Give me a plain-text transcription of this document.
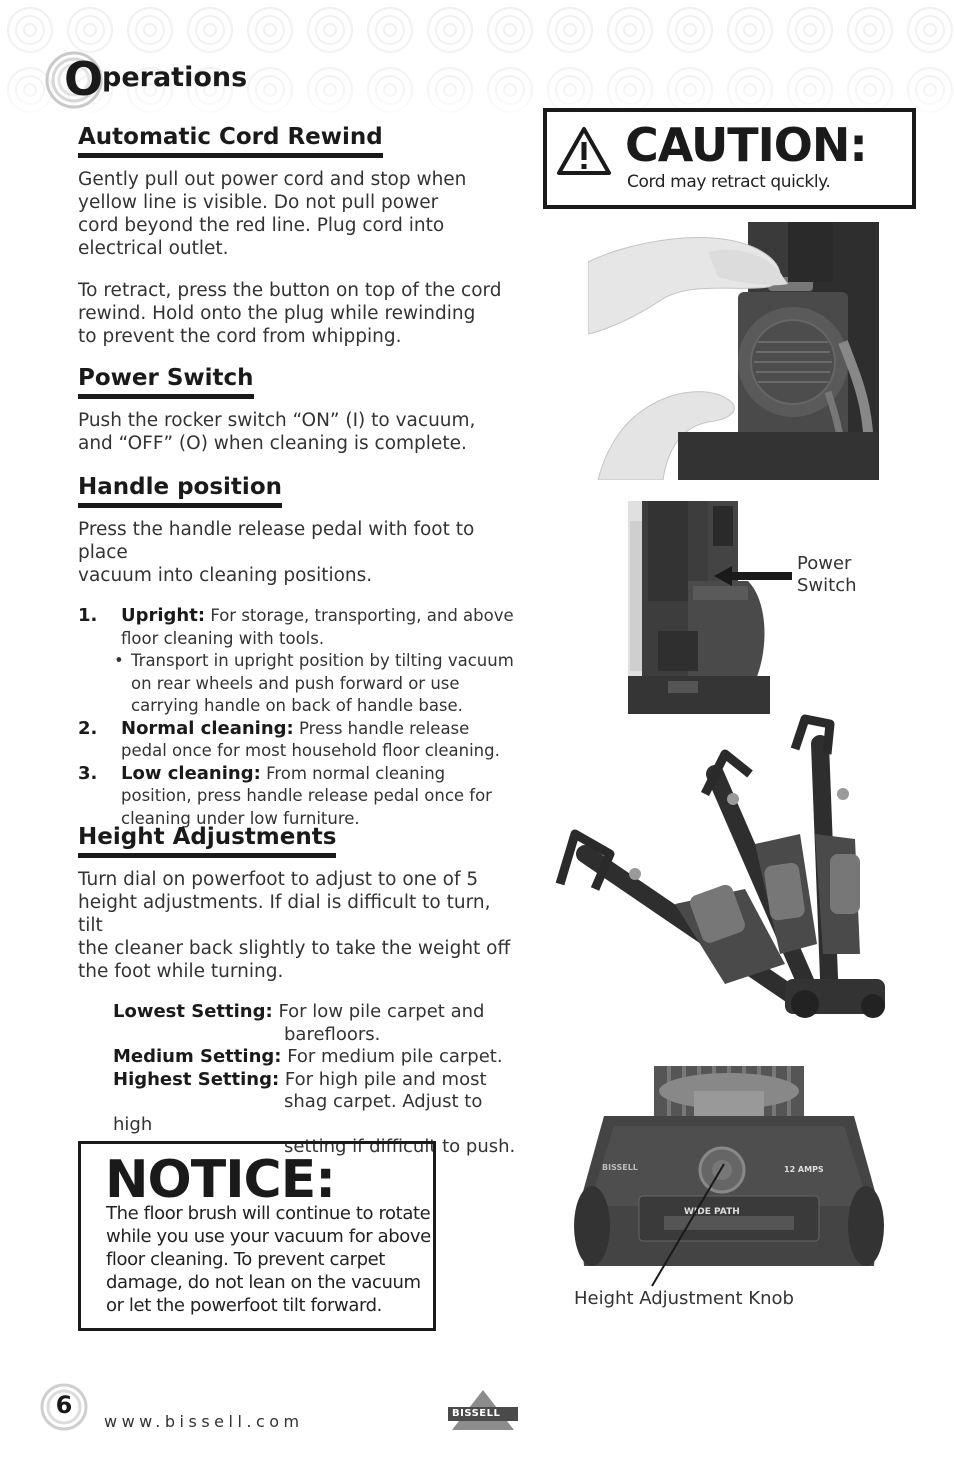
O
perations
Automatic Cord Rewind

Gently pull out power cord and stop when
yellow line is visible. Do not pull power
cord beyond the red line. Plug cord into
electrical outlet.

To retract, press the button on top of the cord
rewind. Hold onto the plug while rewinding
to prevent the cord from whipping.

Power Switch

Push the rocker switch “ON” (I) to vacuum,
and “OFF” (O) when cleaning is complete.

Handle position

Press the handle release pedal with foot to place
vacuum into cleaning positions.

1. Upright: For storage, transporting, and above
floor cleaning with tools.
• Transport in upright position by tilting vacuum
on rear wheels and push forward or use
carrying handle on back of handle base.
2. Normal cleaning: Press handle release
pedal once for most household floor cleaning.
3. Low cleaning: From normal cleaning
position, press handle release pedal once for
cleaning under low furniture.
Height Adjustments

Turn dial on powerfoot to adjust to one of 5
height adjustments. If dial is difficult to turn, tilt
the cleaner back slightly to take the weight off
the foot while turning.

Lowest Setting: For low pile carpet and
barefloors.
Medium Setting: For medium pile carpet.
Highest Setting: For high pile and most
shag carpet. Adjust to high
setting if difficult to push.
NOTICE:
The floor brush will continue to rotate
while you use your vacuum for above
floor cleaning. To prevent carpet
damage, do not lean on the vacuum
or let the powerfoot tilt forward.
CAUTION:
Cord may retract quickly.
Power
Switch
WIDE PATH
12 AMPS
BISSELL
Height Adjustment Knob
6
www.bissell.com	BISSELL
